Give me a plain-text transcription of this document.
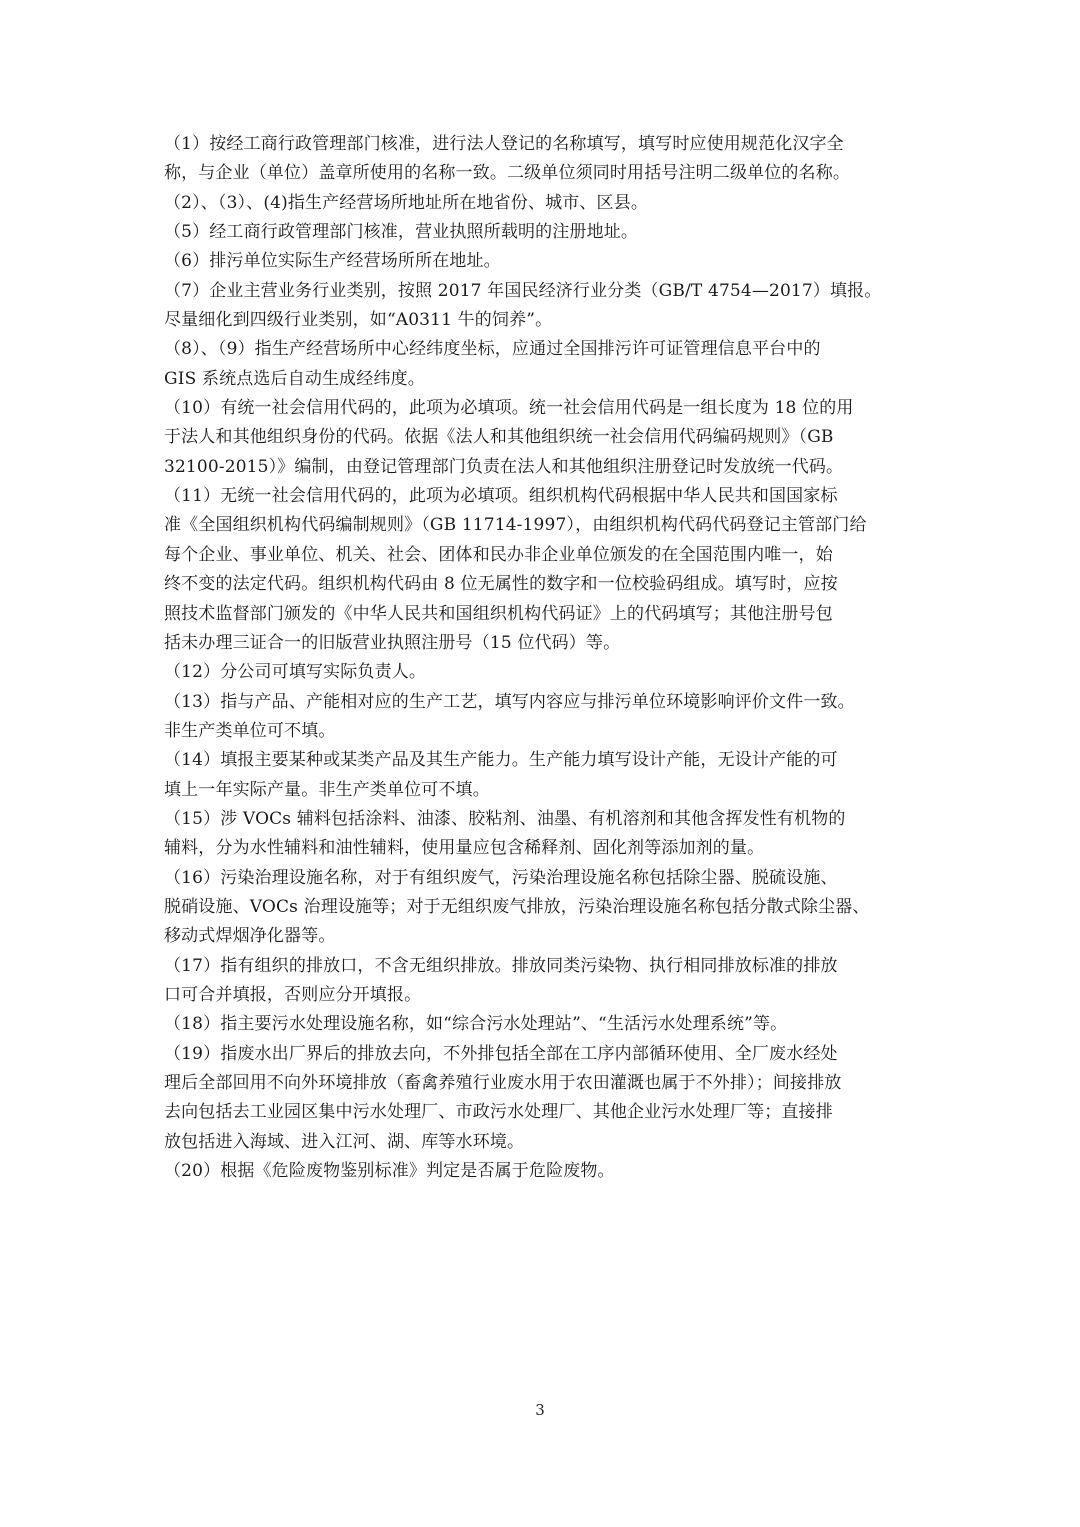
（1）按经工商行政管理部门核准，进行法人登记的名称填写，填写时应使用规范化汉字全
称，与企业（单位）盖章所使用的名称一致。二级单位须同时用括号注明二级单位的名称。
（2）、（3）、(4)指生产经营场所地址所在地省份、城市、区县。
（5）经工商行政管理部门核准，营业执照所载明的注册地址。
（6）排污单位实际生产经营场所所在地址。
（7）企业主营业务行业类别，按照 2017 年国民经济行业分类（GB/T 4754—2017）填报。
尽量细化到四级行业类别，如“A0311 牛的饲养”。
（8）、（9）指生产经营场所中心经纬度坐标，应通过全国排污许可证管理信息平台中的
GIS 系统点选后自动生成经纬度。
（10）有统一社会信用代码的，此项为必填项。统一社会信用代码是一组长度为 18 位的用
于法人和其他组织身份的代码。依据《法人和其他组织统一社会信用代码编码规则》（GB
32100-2015）》编制，由登记管理部门负责在法人和其他组织注册登记时发放统一代码。
（11）无统一社会信用代码的，此项为必填项。组织机构代码根据中华人民共和国国家标
准《全国组织机构代码编制规则》（GB 11714-1997），由组织机构代码代码登记主管部门给
每个企业、事业单位、机关、社会、团体和民办非企业单位颁发的在全国范围内唯一，始
终不变的法定代码。组织机构代码由 8 位无属性的数字和一位校验码组成。填写时，应按
照技术监督部门颁发的《中华人民共和国组织机构代码证》上的代码填写；其他注册号包
括未办理三证合一的旧版营业执照注册号（15 位代码）等。
（12）分公司可填写实际负责人。
（13）指与产品、产能相对应的生产工艺，填写内容应与排污单位环境影响评价文件一致。
非生产类单位可不填。
（14）填报主要某种或某类产品及其生产能力。生产能力填写设计产能，无设计产能的可
填上一年实际产量。非生产类单位可不填。
（15）涉 VOCs 辅料包括涂料、油漆、胶粘剂、油墨、有机溶剂和其他含挥发性有机物的
辅料，分为水性辅料和油性辅料，使用量应包含稀释剂、固化剂等添加剂的量。
（16）污染治理设施名称，对于有组织废气，污染治理设施名称包括除尘器、脱硫设施、
脱硝设施、VOCs 治理设施等；对于无组织废气排放，污染治理设施名称包括分散式除尘器、
移动式焊烟净化器等。
（17）指有组织的排放口，不含无组织排放。排放同类污染物、执行相同排放标准的排放
口可合并填报，否则应分开填报。
（18）指主要污水处理设施名称，如“综合污水处理站”、“生活污水处理系统”等。
（19）指废水出厂界后的排放去向，不外排包括全部在工序内部循环使用、全厂废水经处
理后全部回用不向外环境排放（畜禽养殖行业废水用于农田灌溉也属于不外排）；间接排放
去向包括去工业园区集中污水处理厂、市政污水处理厂、其他企业污水处理厂等；直接排
放包括进入海域、进入江河、湖、库等水环境。
（20）根据《危险废物鉴别标准》判定是否属于危险废物。
3
